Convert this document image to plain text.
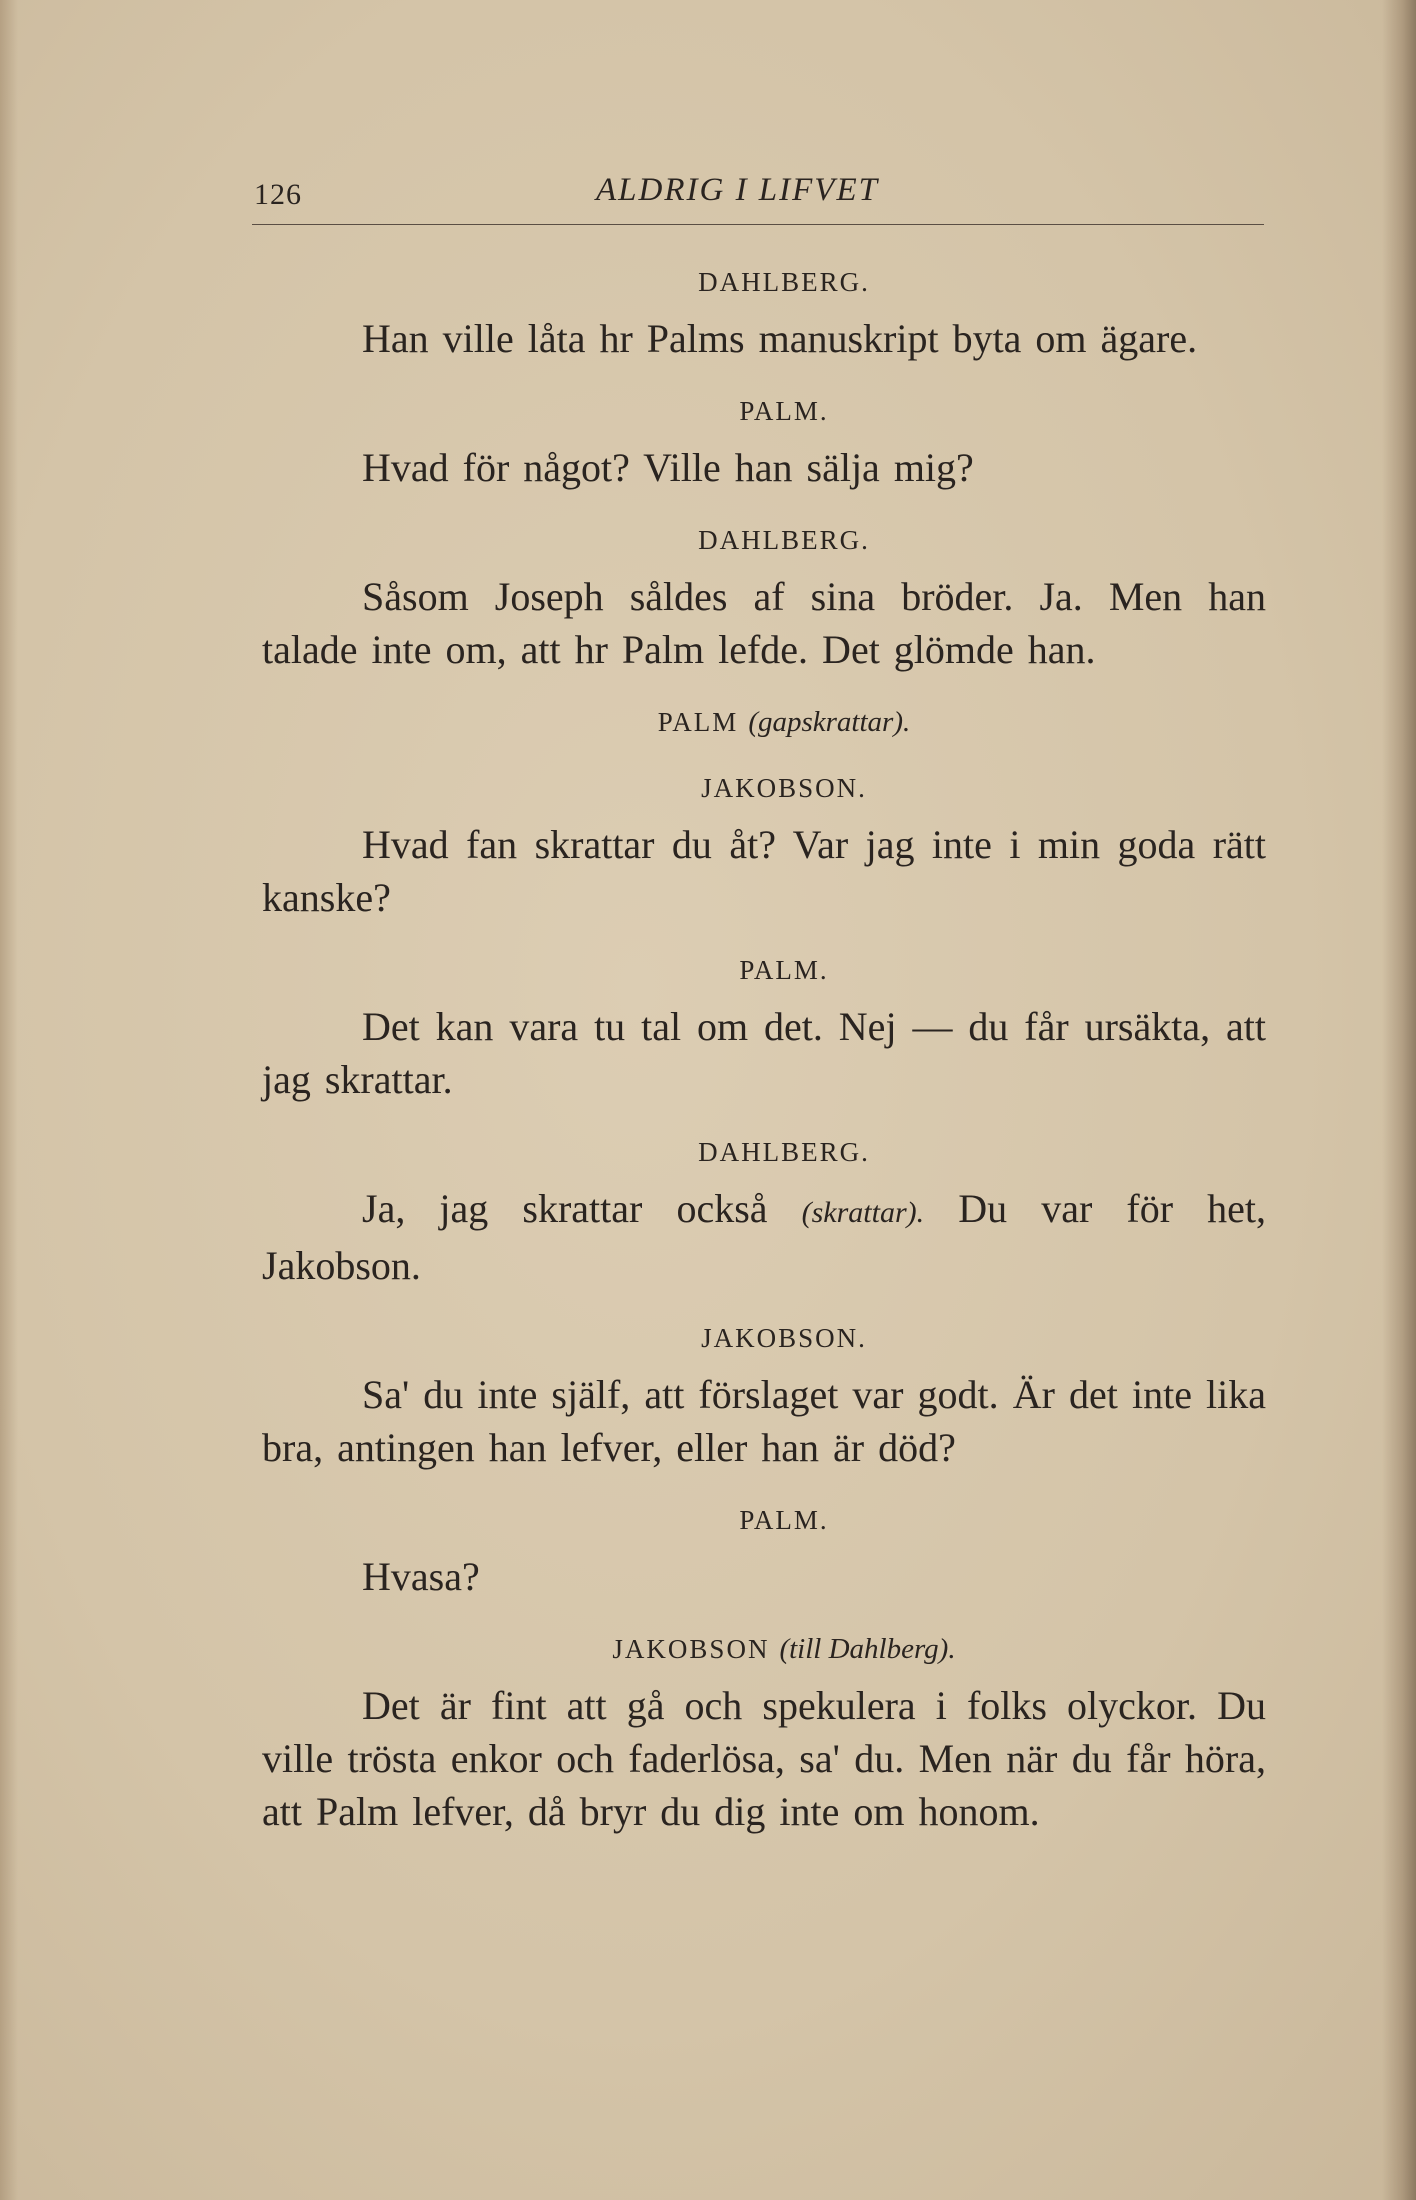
126	ALDRIG I LIFVET

DAHLBERG.

Han ville låta hr Palms manuskript byta om ägare.

PALM.

Hvad för något? Ville han sälja mig?

DAHLBERG.

Såsom Joseph såldes af sina bröder. Ja. Men han talade inte om, att hr Palm lefde. Det glömde han.

PALM (gapskrattar).

JAKOBSON.

Hvad fan skrattar du åt? Var jag inte i min goda rätt kanske?

PALM.

Det kan vara tu tal om det. Nej — du får ursäkta, att jag skrattar.

DAHLBERG.

Ja, jag skrattar också (skrattar). Du var för het, Jakobson.

JAKOBSON.

Sa' du inte själf, att förslaget var godt. Är det inte lika bra, antingen han lefver, eller han är död?

PALM.

Hvasa?

JAKOBSON (till Dahlberg).

Det är fint att gå och spekulera i folks olyckor. Du ville trösta enkor och faderlösa, sa' du. Men när du får höra, att Palm lefver, då bryr du dig inte om honom.
